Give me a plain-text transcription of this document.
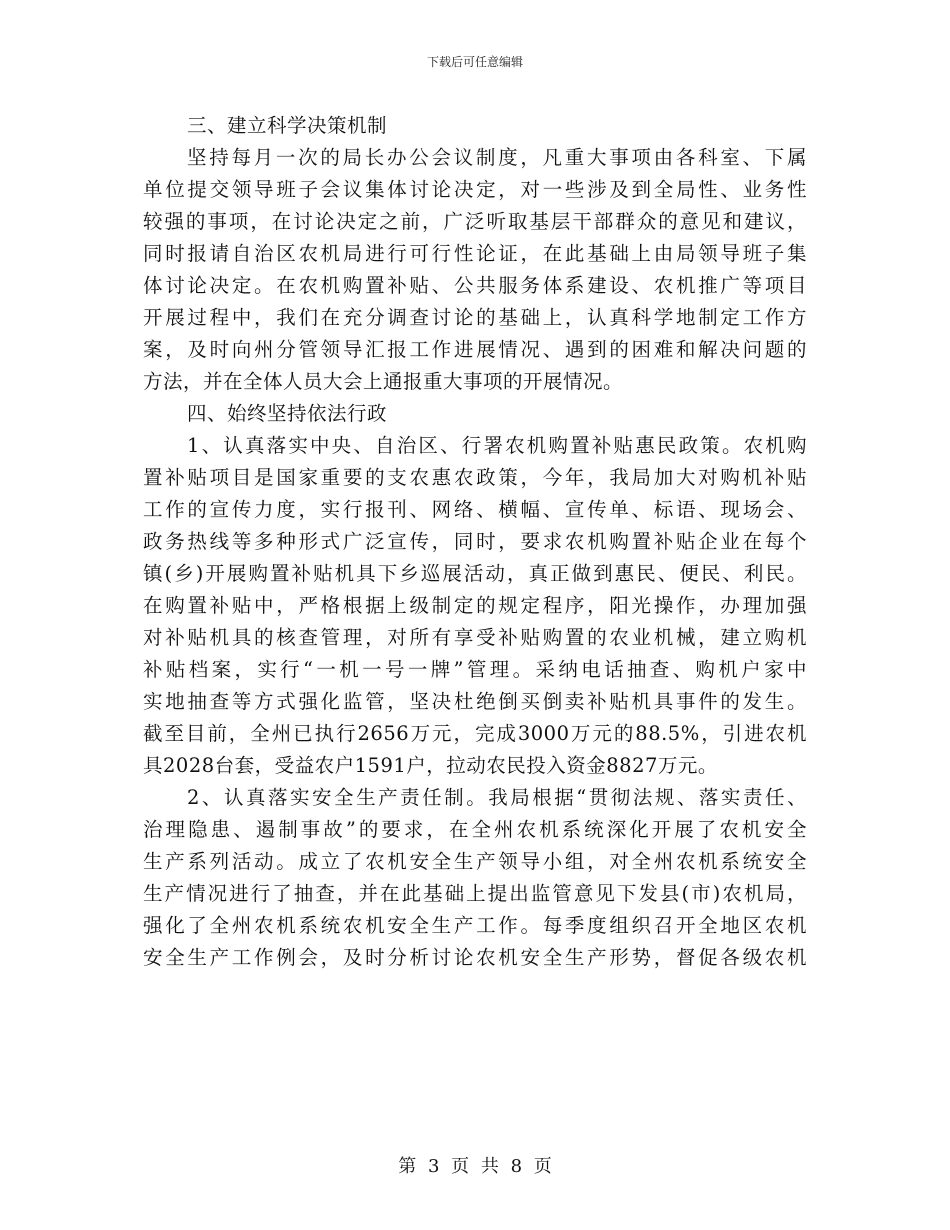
下载后可任意编辑
三、建立科学决策机制
坚持每月一次的局长办公会议制度，凡重大事项由各科室、下属
单位提交领导班子会议集体讨论决定，对一些涉及到全局性、业务性
较强的事项，在讨论决定之前，广泛听取基层干部群众的意见和建议，
同时报请自治区农机局进行可行性论证，在此基础上由局领导班子集
体讨论决定。在农机购置补贴、公共服务体系建设、农机推广等项目
开展过程中，我们在充分调查讨论的基础上，认真科学地制定工作方
案，及时向州分管领导汇报工作进展情况、遇到的困难和解决问题的
方法，并在全体人员大会上通报重大事项的开展情况。
四、始终坚持依法行政
1、认真落实中央、自治区、行署农机购置补贴惠民政策。农机购
置补贴项目是国家重要的支农惠农政策，今年，我局加大对购机补贴
工作的宣传力度，实行报刊、网络、横幅、宣传单、标语、现场会、
政务热线等多种形式广泛宣传，同时，要求农机购置补贴企业在每个
镇(乡)开展购置补贴机具下乡巡展活动，真正做到惠民、便民、利民。
在购置补贴中，严格根据上级制定的规定程序，阳光操作，办理加强
对补贴机具的核查管理，对所有享受补贴购置的农业机械，建立购机
补贴档案，实行“一机一号一牌”管理。采纳电话抽查、购机户家中
实地抽查等方式强化监管，坚决杜绝倒买倒卖补贴机具事件的发生。
截至目前，全州已执行2656万元，完成3000万元的88.5%，引进农机
具2028台套，受益农户1591户，拉动农民投入资金8827万元。
2、认真落实安全生产责任制。我局根据“贯彻法规、落实责任、
治理隐患、遏制事故”的要求，在全州农机系统深化开展了农机安全
生产系列活动。成立了农机安全生产领导小组，对全州农机系统安全
生产情况进行了抽查，并在此基础上提出监管意见下发县(市)农机局，
强化了全州农机系统农机安全生产工作。每季度组织召开全地区农机
安全生产工作例会，及时分析讨论农机安全生产形势，督促各级农机
第 3 页 共 8 页
